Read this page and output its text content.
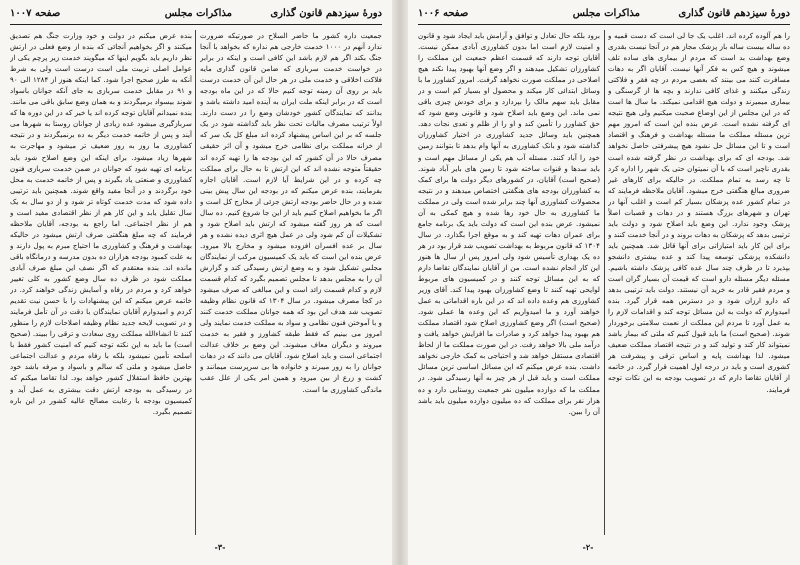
صفحه ۱۰۰۷	مذاکرات مجلس	دورهٔ سیزدهم قانون گذاری

جمعیت داره کشور ما حاضر السلاح در صورتیکه ضرورت ندارد آنهم در ۱۰۰۰ خدمت خارجی هم نداره که بخواهد با آنجا جنگ بکند اگر هم لازم باشد این کافی است و اینکه در برابر در خواست خدمت سربازی که ضامن قانون گذاری مایه فلاکت اخلاقی و خدمت ملی در هر حال این آن خدمت درست باید بر روی آن زمینه توجه کنیم حالا که در این ماه بودجه است که در برابر اینکه ملت ایران به آینده امید داشته باشد و بدانند که نمایندگان کشور خودشان وضع را در دست دارند. اولاً ترتیب مصرف مالیات تحت نظر باید گذاشته شود در یک جلسه که بر این اساس پیشنهاد کرده اند مبلغ کل یک سر که از خزانه مملکت برای نظامی خرج میشود و آن اثر حقیقی مصرف حالا در آن کشور که این بودجه ها را تهیه کرده اند حقیقتاً متوجه نشده اند که این ارتش تا به حال برای مملکت چه کرده و در این شرایط آیا لازم است. آقایان اجازه بفرمایند، بنده عرض میکنم که در بودجه این سال پیش بینی شده و در حال حاضر بودجه ارتش جزئی از مخارج کل است و اگر ما بخواهیم اصلاح کنیم باید از این جا شروع کنیم. ده سال است که هر روز گفته میشود که ارتش باید اصلاح شود و تشکیلات آن کم شود ولی در عمل هیچ اثری دیده نشده و هر سال بر عده افسران افزوده میشود و مخارج بالا میرود. عرض بنده این است که باید یک کمیسیون مرکب از نمایندگان مجلس تشکیل شود و به وضع ارتش رسیدگی کند و گزارش آن را به مجلس بدهد تا مجلس تصمیم بگیرد که کدام قسمت لازم و کدام قسمت زائد است و این مبالغی که صرف میشود در کجا مصرف میشود. در سال ۱۳۰۴ که قانون نظام وظیفه تصویب شد هدف این بود که همه جوانان مملکت خدمت کنند و با آموختن فنون نظامی و سواد به مملکت خدمت نمایند ولی امروز می بینیم که فقط طبقه کشاورز و فقیر به خدمت میروند و دیگران معاف میشوند. این وضع بر خلاف عدالت اجتماعی است و باید اصلاح شود. آقایان می دانند که در دهات جوانان را به زور میبرند و خانواده ها بی سرپرست میمانند و کشت و زرع از بین میرود و همین امر یکی از علل عقب ماندگی کشاورزی ما است.

بنده عرض میکنم در دولت و خود وزارت جنگ هم تصدیق میکنند و اگر بخواهیم آنجائی که بنده از وضع فعلی در ارتش نظر داریم باید بگویم اینها که میگویند خدمت زیر پرچم یکی از عوامل اصلی تربیت ملی است درست است ولی به شرط آنکه به طرز صحیح اجرا شود. کما اینکه هنوز از ۱۲۸۴ الی ۹۰ و ۹۱ در مقابل خدمت سربازی به جای آنکه جوانان باسواد شوند بیسواد برمیگردند و به همان وضع سابق باقی می مانند. بنده نمیدانم آقایان توجه کرده اند یا خیر که در این دوره ها که سربازگیری میشود عده زیادی از جوانان روستا به شهرها می آیند و پس از خاتمه خدمت دیگر به ده برنمیگردند و در نتیجه کشاورزی ما روز به روز ضعیف تر میشود و مهاجرت به شهرها زیاد میشود. برای اینکه این وضع اصلاح شود باید برنامه ای تهیه شود که جوانان در ضمن خدمت سربازی فنون کشاورزی و صنعتی یاد بگیرند و پس از خاتمه خدمت به محل خود برگردند و در آنجا مفید واقع شوند. همچنین باید ترتیبی داده شود که مدت خدمت کوتاه تر شود و از دو سال به یک سال تقلیل یابد و این کار هم از نظر اقتصادی مفید است و هم از نظر اجتماعی. اما راجع به بودجه، آقایان ملاحظه فرمایند که چه مبلغ هنگفتی صرف ارتش میشود در حالیکه بهداشت و فرهنگ و کشاورزی ما احتیاج مبرم به پول دارند و به علت کمبود بودجه هزاران ده بدون مدرسه و درمانگاه باقی مانده اند. بنده معتقدم که اگر نصف این مبلغ صرف آبادی مملکت شود در ظرف ده سال وضع کشور به کلی تغییر خواهد کرد و مردم در رفاه و آسایش زندگی خواهند کرد. در خاتمه عرض میکنم که این پیشنهادات را با حسن نیت تقدیم کردم و امیدوارم آقایان نمایندگان با دقت در آن تأمل فرمایند و در تصویب لایحه جدید نظام وظیفه اصلاحات لازم را منظور کنند تا انشاءالله مملکت روی سعادت و ترقی را ببیند. (صحیح است) ما باید به این نکته توجه کنیم که امنیت کشور فقط با اسلحه تأمین نمیشود بلکه با رفاه مردم و عدالت اجتماعی حاصل میشود و ملتی که سالم و باسواد و مرفه باشد خود بهترین حافظ استقلال کشور خواهد بود. لذا تقاضا میکنم که در رسیدگی به بودجه ارتش دقت بیشتری به عمل آید و کمیسیون بودجه با رعایت مصالح عالیه کشور در این باره تصمیم بگیرد.

-۳-
دورهٔ سیزدهم قانون گذاری
مذاکرات مجلس
صفحه ۱۰۰۶

را هم آلوده کرده اند. اغلب یک جا لی است که دست قمیه و ده ساله بیست ساله باز پزشک مجاز هم در آنجا نیست بقدری وضع بهداشت بد است که مردم از بیماری های ساده تلف میشوند و هیچ کس به فکر آنها نیست. آقایان اگر به دهات مسافرت کنند می بینند که بعضی مردم در چه فقر و فلاکتی زندگی میکنند و غذای کافی ندارند و بچه ها از گرسنگی و بیماری میمیرند و دولت هیچ اقدامی نمیکند. ما سال ها است که در این مجلس از این اوضاع صحبت میکنیم ولی هیچ نتیجه ای گرفته نشده است. عرض بنده این است که امروز مهم ترین مسئله مملکت ما مسئله بهداشت و فرهنگ و اقتصاد است و تا این مسائل حل نشود هیچ پیشرفتی حاصل نخواهد شد. بودجه ای که برای بهداشت در نظر گرفته شده است بقدری ناچیز است که با آن نمیتوان حتی یک شهر را اداره کرد تا چه رسد به تمام مملکت. در حالیکه برای کارهای غیر ضروری مبالغ هنگفتی خرج میشود. آقایان ملاحظه فرمایند که در تمام کشور عده پزشکان بسیار کم است و اغلب آنها در تهران و شهرهای بزرگ هستند و در دهات و قصبات اصلاً پزشک وجود ندارد. این وضع باید اصلاح شود و دولت باید ترتیبی بدهد که پزشکان به دهات بروند و در آنجا خدمت کنند و برای این کار باید امتیازاتی برای آنها قائل شد. همچنین باید دانشکده پزشکی توسعه پیدا کند و عده بیشتری دانشجو بپذیرد تا در ظرف چند سال عده کافی پزشک داشته باشیم. مسئله دیگر مسئله دارو است که قیمت آن بسیار گران است و مردم فقیر قادر به خرید آن نیستند. دولت باید ترتیبی بدهد که دارو ارزان شود و در دسترس همه قرار گیرد. بنده امیدوارم که دولت به این مسائل توجه کند و اقدامات لازم را به عمل آورد تا مردم این مملکت از نعمت سلامتی برخوردار شوند. (صحیح است) ما باید قبول کنیم که ملتی که بیمار باشد نمیتواند کار کند و تولید کند و در نتیجه اقتصاد مملکت ضعیف میشود. لذا بهداشت پایه و اساس ترقی و پیشرفت هر کشوری است و باید در درجه اول اهمیت قرار گیرد. در خاتمه از آقایان تقاضا دارم که در تصویب بودجه به این نکات توجه فرمایند.

برود بلکه حال تعادل و توافق و آرامش باید ایجاد شود و قانون و امنیت لازم است اما بدون کشاورزی آبادی ممکن نیست. آقایان توجه دارند که قسمت اعظم جمعیت این مملکت را کشاورزان تشکیل میدهند و اگر وضع آنها بهبود پیدا نکند هیچ اصلاحی در مملکت صورت نخواهد گرفت. امروز کشاورز ما با وسائل ابتدائی کار میکند و محصول او بسیار کم است و در مقابل باید سهم مالک را بپردازد و برای خودش چیزی باقی نمی ماند. این وضع باید اصلاح شود و قانونی وضع شود که حق کشاورز را تأمین کند و او را از ظلم و تعدی نجات دهد. همچنین باید وسائل جدید کشاورزی در اختیار کشاورزان گذاشته شود و بانک کشاورزی به آنها وام بدهد تا بتوانند زمین خود را آباد کنند. مسئله آب هم یکی از مسائل مهم است و باید سدها و قنوات ساخته شود تا زمین های بایر آباد شوند. (صحیح است) آقایان، در کشورهای دیگر دولت ها برای کمک به کشاورزان بودجه های هنگفتی اختصاص میدهند و در نتیجه محصولات کشاورزی آنها چند برابر شده است ولی در مملکت ما کشاورزی به حال خود رها شده و هیچ کمکی به آن نمیشود. عرض بنده این است که دولت باید یک برنامه جامع برای عمران دهات تهیه کند و به موقع اجرا بگذارد. در سال ۱۳۰۴ که قانون مربوط به بهداشت تصویب شد قرار بود در هر ده یک بهداری تأسیس شود ولی امروز پس از سال ها هنوز این کار انجام نشده است. من از آقایان نمایندگان تقاضا دارم که به این مسائل توجه کنند و در کمیسیون های مربوط لوایحی تهیه کنند تا وضع کشاورزان بهبود پیدا کند. آقای وزیر کشاورزی هم وعده داده اند که در این باره اقداماتی به عمل خواهند آورد و ما امیدواریم که این وعده ها عملی شود. (صحیح است) اگر وضع کشاورزی اصلاح شود اقتصاد مملکت هم بهبود پیدا خواهد کرد و صادرات ما افزایش خواهد یافت و درآمد ملی بالا خواهد رفت. در این صورت مملکت ما از لحاظ اقتصادی مستقل خواهد شد و احتیاجی به کمک خارجی نخواهد داشت. بنده عرض میکنم که این مسائل اساسی ترین مسائل مملکت است و باید قبل از هر چیز به آنها رسیدگی شود. در مملکت ما که دوازده میلیون نفر جمعیت روستایی دارد و ده هزار نفر برای مملکت که ده میلیون دوازده میلیون باید باشد آن را ببین.

-۲-
